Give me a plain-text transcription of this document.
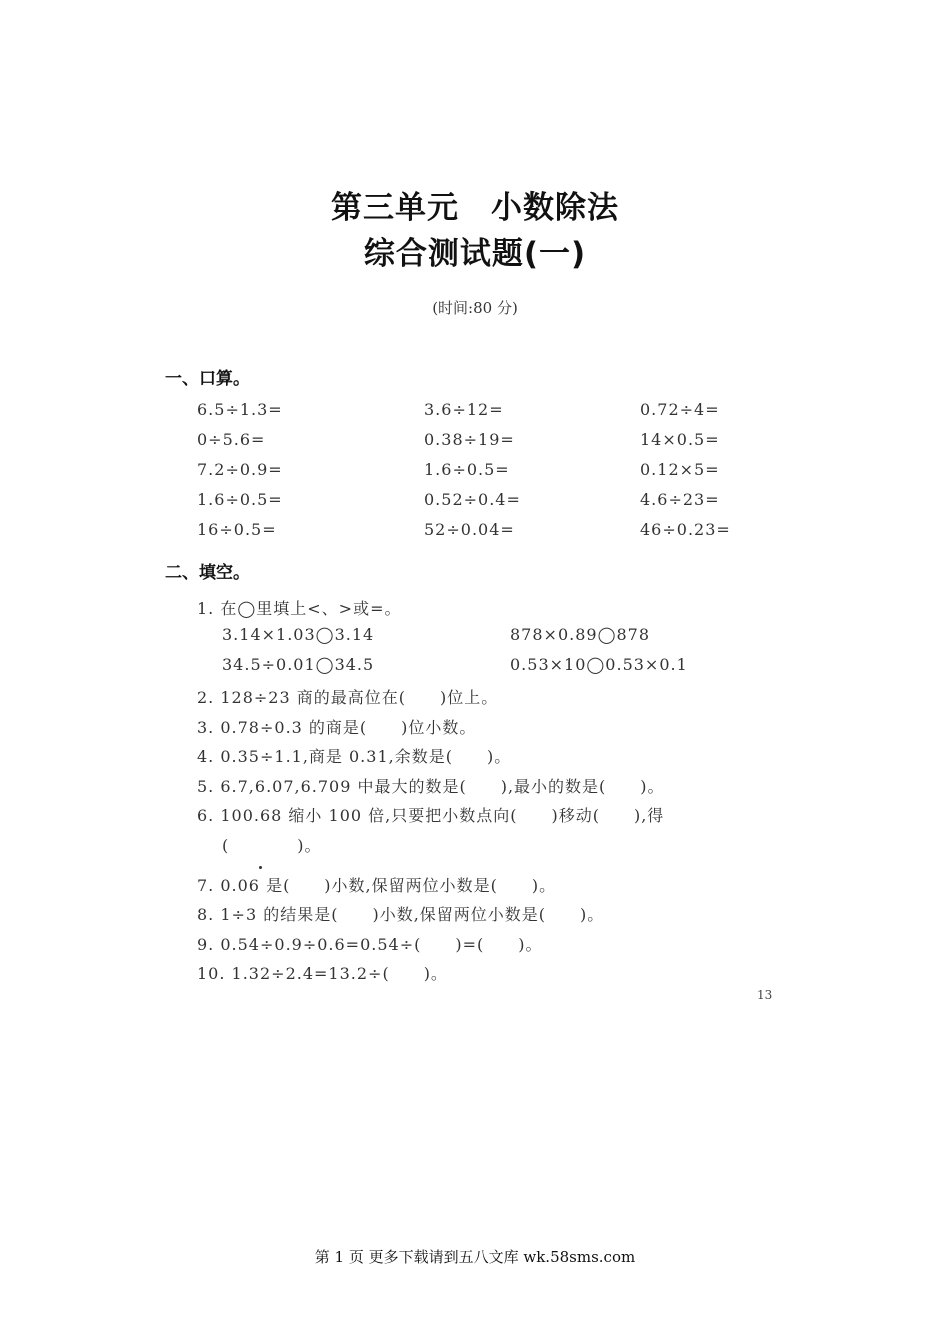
第三单元　小数除法
综合测试题(一)
(时间:80 分)
一、口算。
6.5÷1.3=	3.6÷12=	0.72÷4=
0÷5.6=	0.38÷19=	14×0.5=
7.2÷0.9=	1.6÷0.5=	0.12×5=
1.6÷0.5=	0.52÷0.4=	4.6÷23=
16÷0.5=	52÷0.04=	46÷0.23=
二、填空。
1. 在◯里填上<、>或=。
3.14×1.03◯3.14	878×0.89◯878
34.5÷0.01◯34.5	0.53×10◯0.53×0.1
2. 128÷23 商的最高位在(　　)位上。
3. 0.78÷0.3 的商是(　　)位小数。
4. 0.35÷1.1,商是 0.31,余数是(　　)。
5. 6.7,6.07,6.709 中最大的数是(　　),最小的数是(　　)。
6. 100.68 缩小 100 倍,只要把小数点向(　　)移动(　　),得
(　　　　)。
7. 0.06 是(　　)小数,保留两位小数是(　　)。
8. 1÷3 的结果是(　　)小数,保留两位小数是(　　)。
9. 0.54÷0.9÷0.6=0.54÷(　　)=(　　)。
10. 1.32÷2.4=13.2÷(　　)。
13
第 1 页 更多下载请到五八文库 wk.58sms.com
